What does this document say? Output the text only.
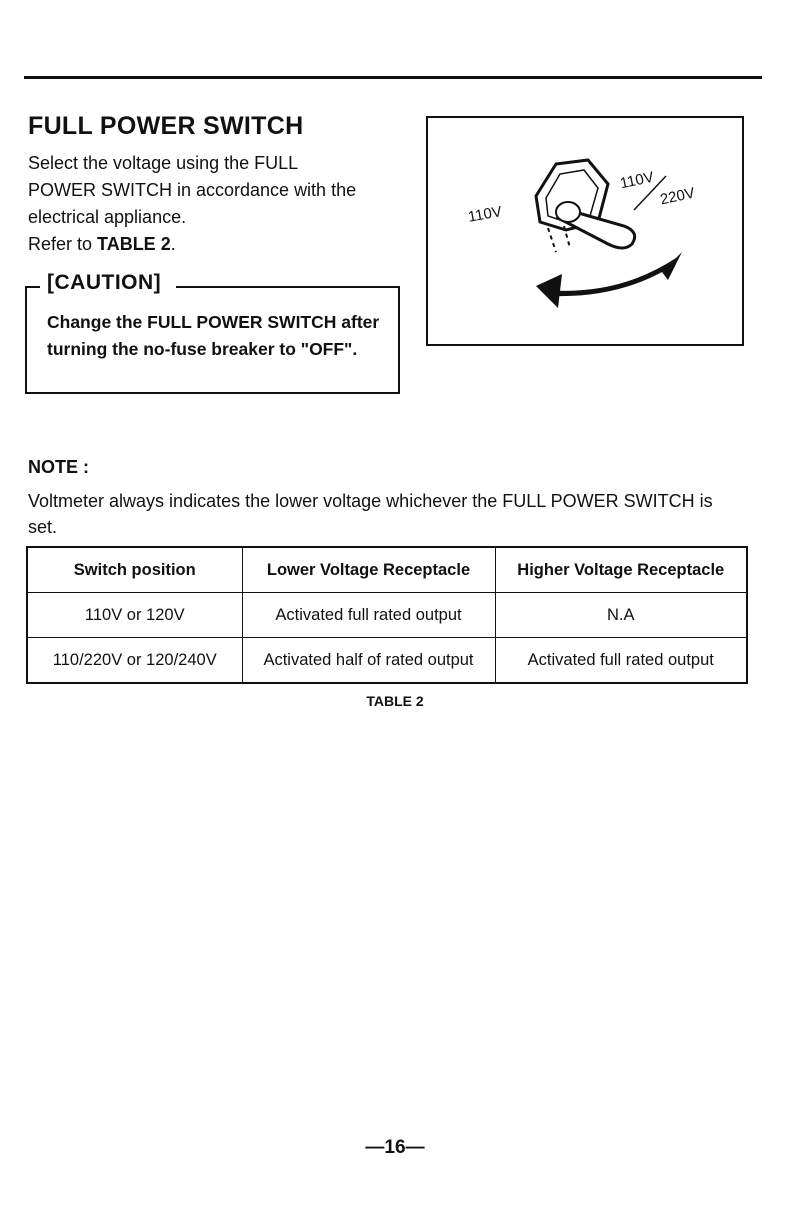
FULL POWER SWITCH

Select the voltage using the FULL

POWER SWITCH in accordance with the

electrical appliance.

Refer to TABLE 2.

[CAUTION]

Change the FULL POWER SWITCH after turning the no-fuse breaker to "OFF".

110V
110V
220V
NOTE :

Voltmeter always indicates the lower voltage whichever the FULL POWER SWITCH is set.

Switch position	Lower Voltage Receptacle	Higher Voltage Receptacle
110V or 120V	Activated full rated output	N.A
110/220V or 120/240V	Activated half of rated output	Activated full rated output
TABLE 2
—16—
